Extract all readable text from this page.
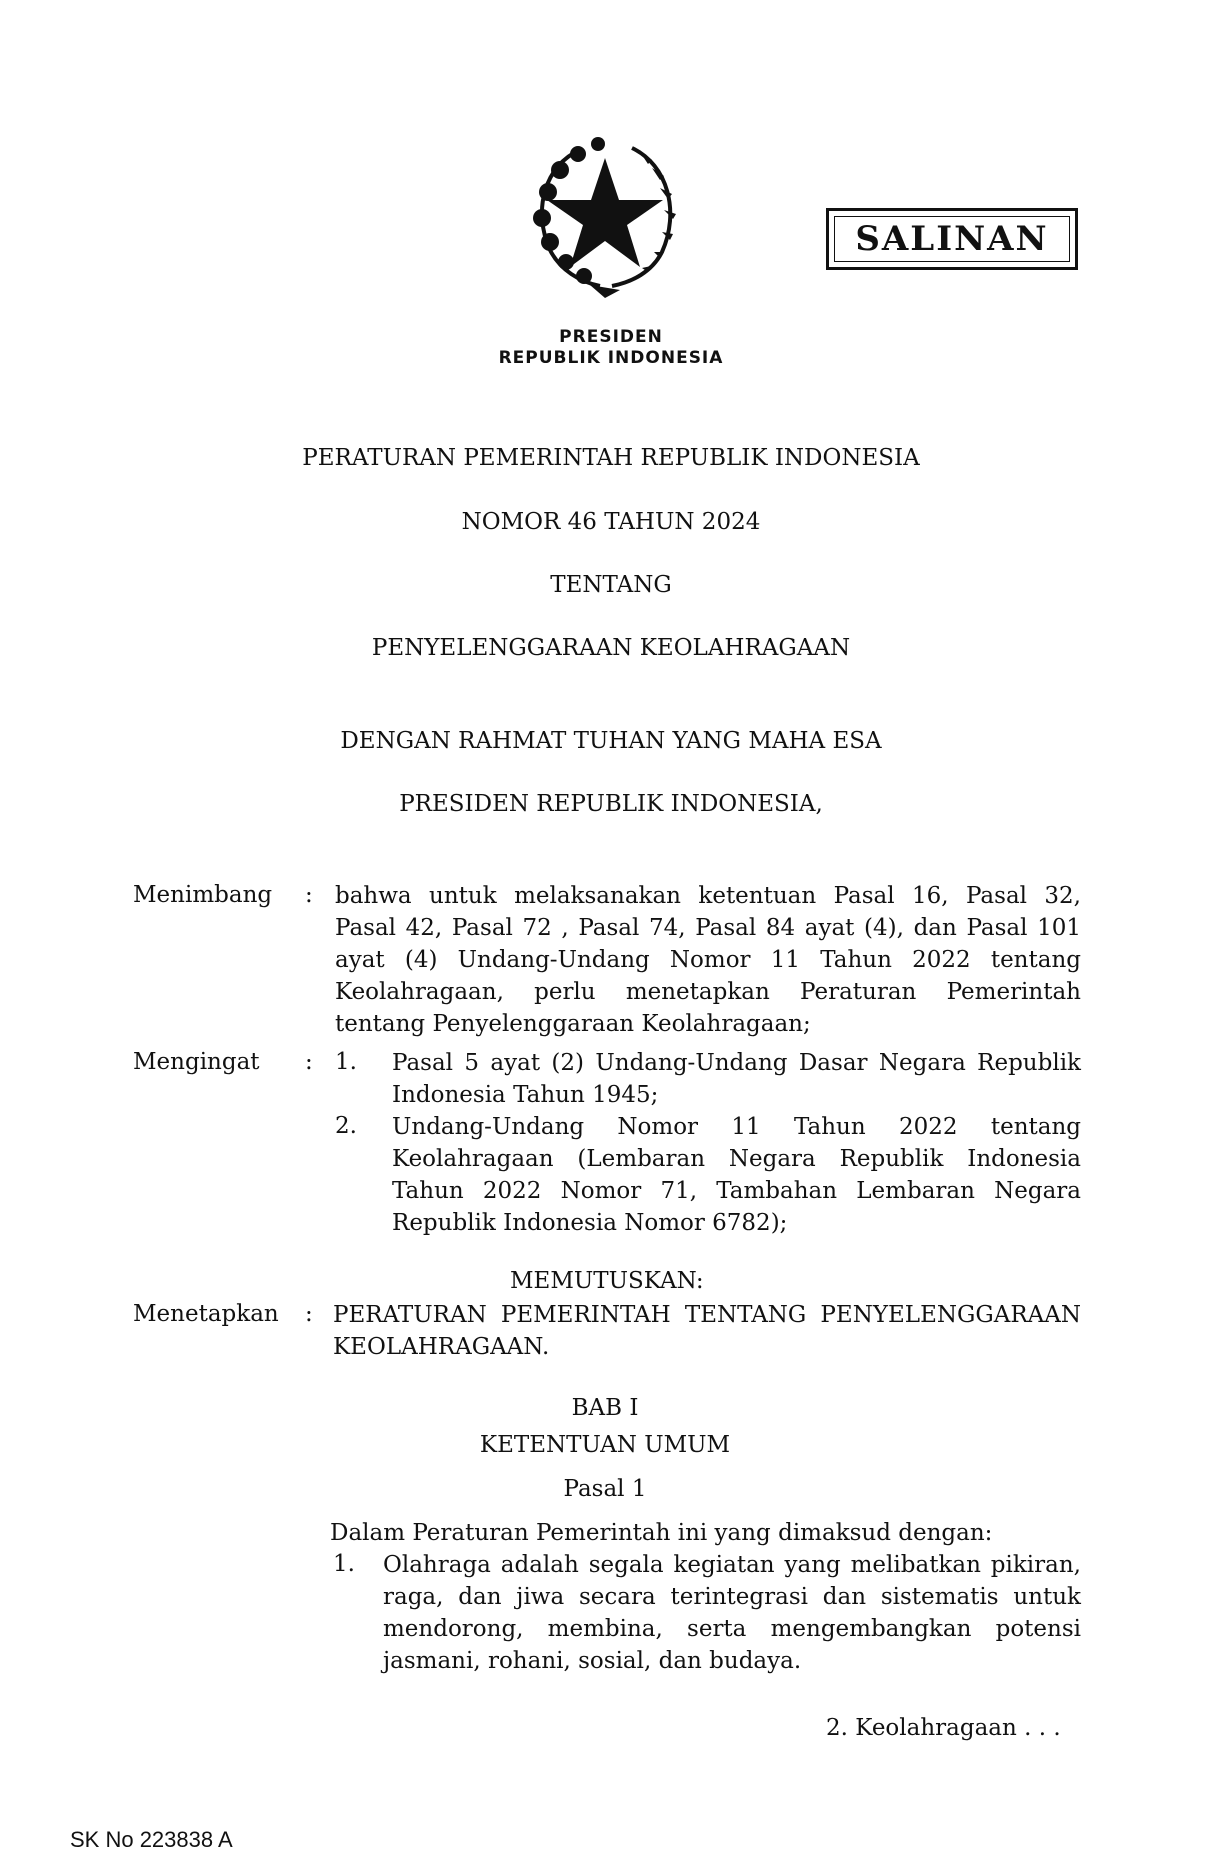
SALINAN
PRESIDEN
REPUBLIK INDONESIA
PERATURAN PEMERINTAH REPUBLIK INDONESIA
NOMOR 46 TAHUN 2024
TENTANG
PENYELENGGARAAN KEOLAHRAGAAN
DENGAN RAHMAT TUHAN YANG MAHA ESA
PRESIDEN REPUBLIK INDONESIA,
Menimbang : bahwa untuk melaksanakan ketentuan Pasal 16, Pasal 32,
Pasal 42, Pasal 72 , Pasal 74, Pasal 84 ayat (4), dan Pasal 101
ayat (4) Undang-Undang Nomor 11 Tahun 2022 tentang
Keolahragaan, perlu menetapkan Peraturan Pemerintah
tentang Penyelenggaraan Keolahragaan;
Mengingat : 1. Pasal 5 ayat (2) Undang-Undang Dasar Negara Republik
Indonesia Tahun 1945;
2. Undang-Undang Nomor 11 Tahun 2022 tentang
Keolahragaan (Lembaran Negara Republik Indonesia
Tahun 2022 Nomor 71, Tambahan Lembaran Negara
Republik Indonesia Nomor 6782);
MEMUTUSKAN:
Menetapkan : PERATURAN PEMERINTAH TENTANG PENYELENGGARAAN
KEOLAHRAGAAN.
BAB I
KETENTUAN UMUM
Pasal 1
Dalam Peraturan Pemerintah ini yang dimaksud dengan:
1. Olahraga adalah segala kegiatan yang melibatkan pikiran,
raga, dan jiwa secara terintegrasi dan sistematis untuk
mendorong, membina, serta mengembangkan potensi
jasmani, rohani, sosial, dan budaya.
2. Keolahragaan . . .
SK No 223838 A
